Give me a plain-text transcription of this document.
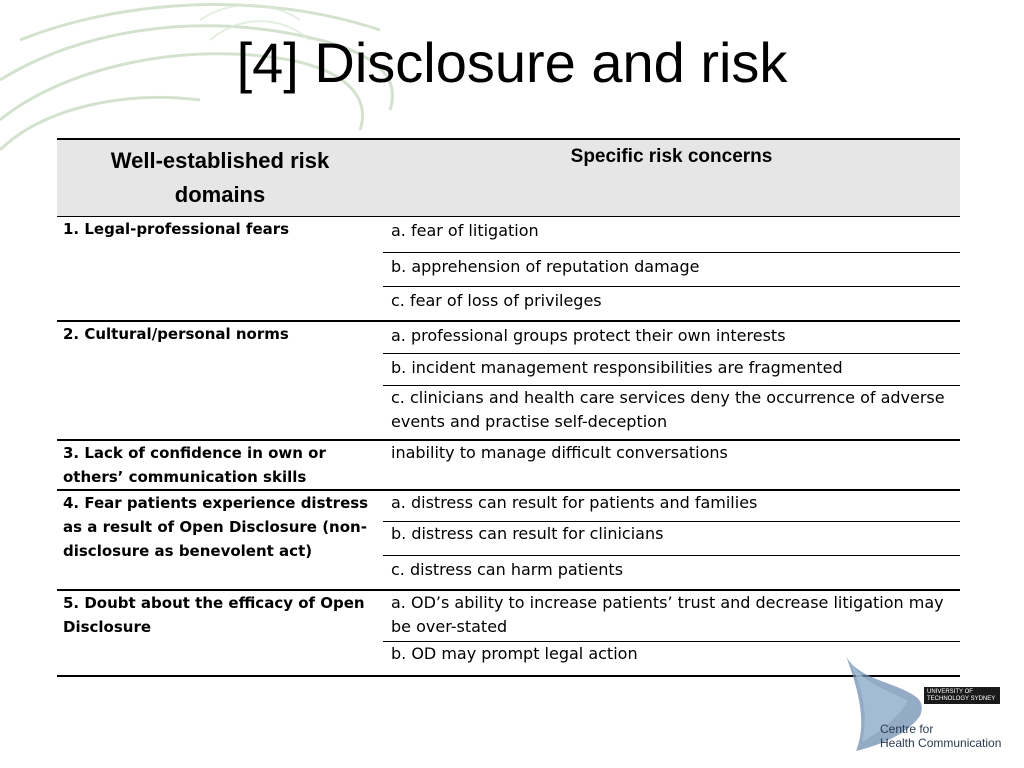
[4] Disclosure and risk
Well-established risk domains	Specific risk concerns
1. Legal-professional fears	a. fear of litigation
	b. apprehension of reputation damage
	c. fear of loss of privileges
2. Cultural/personal norms	a. professional groups protect their own interests
	b. incident management responsibilities are fragmented
	c. clinicians and health care services deny the occurrence of adverse events and practise self-deception
3. Lack of confidence in own or others’ communication skills	inability to manage difficult conversations
4. Fear patients experience distress as a result of Open Disclosure (non-disclosure as benevolent act)	a. distress can result for patients and families
	b. distress can result for clinicians
	c. distress can harm patients
5. Doubt about the efficacy of Open Disclosure	a. OD’s ability to increase patients’ trust and decrease litigation may be over-stated
	b. OD may prompt legal action
UNIVERSITY OF TECHNOLOGY SYDNEY
Centre for
Health Communication
